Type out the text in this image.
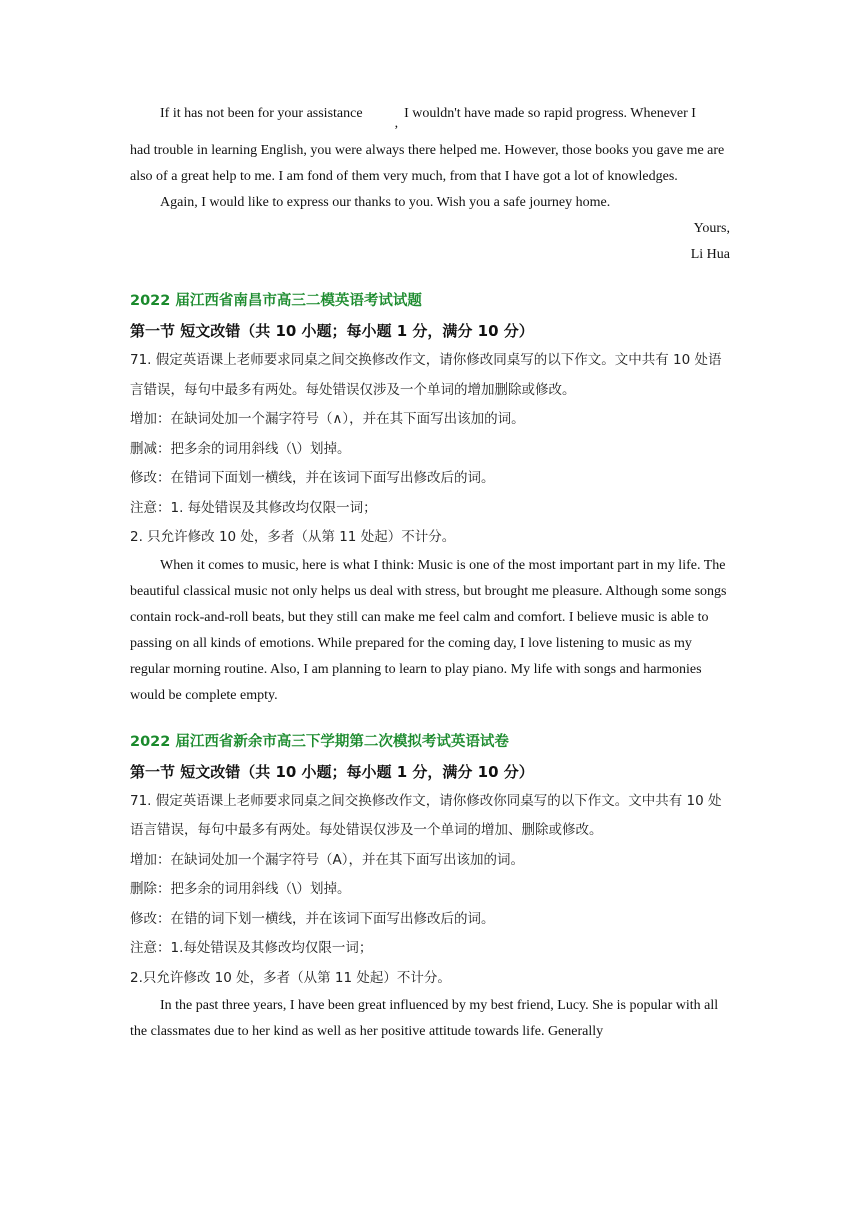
If it has not been for your assistance,I wouldn't have made so rapid progress. Whenever I

had trouble in learning English, you were always there helped me. However, those books you gave me are also of a great help to me. I am fond of them very much, from that I have got a lot of knowledges.

Again, I would like to express our thanks to you. Wish you a safe journey home.

Yours,

Li Hua

2022 届江西省南昌市高三二模英语考试试题

第一节 短文改错（共 10 小题；每小题 1 分，满分 10 分）

71. 假定英语课上老师要求同桌之间交换修改作文，请你修改同桌写的以下作文。文中共有 10 处语言错误，每句中最多有两处。每处错误仅涉及一个单词的增加删除或修改。

增加：在缺词处加一个漏字符号（∧），并在其下面写出该加的词。

删减：把多余的词用斜线（\）划掉。

修改：在错词下面划一横线，并在该词下面写出修改后的词。

注意：1. 每处错误及其修改均仅限一词；

2. 只允许修改 10 处，多者（从第 11 处起）不计分。

When it comes to music, here is what I think: Music is one of the most important part in my life. The beautiful classical music not only helps us deal with stress, but brought me pleasure. Although some songs contain rock-and-roll beats, but they still can make me feel calm and comfort. I believe music is able to passing on all kinds of emotions. While prepared for the coming day, I love listening to music as my regular morning routine. Also, I am planning to learn to play piano. My life with songs and harmonies would be complete empty.

2022 届江西省新余市高三下学期第二次模拟考试英语试卷

第一节 短文改错（共 10 小题；每小题 1 分，满分 10 分）

71. 假定英语课上老师要求同桌之间交换修改作文，请你修改你同桌写的以下作文。文中共有 10 处语言错误，每句中最多有两处。每处错误仅涉及一个单词的增加、删除或修改。

增加：在缺词处加一个漏字符号（A），并在其下面写出该加的词。

删除：把多余的词用斜线（\）划掉。

修改：在错的词下划一横线，并在该词下面写出修改后的词。

注意：1.每处错误及其修改均仅限一词；

2.只允许修改 10 处，多者（从第 11 处起）不计分。

In the past three years, I have been great influenced by my best friend, Lucy. She is popular with all the classmates due to her kind as well as her positive attitude towards life. Generally
